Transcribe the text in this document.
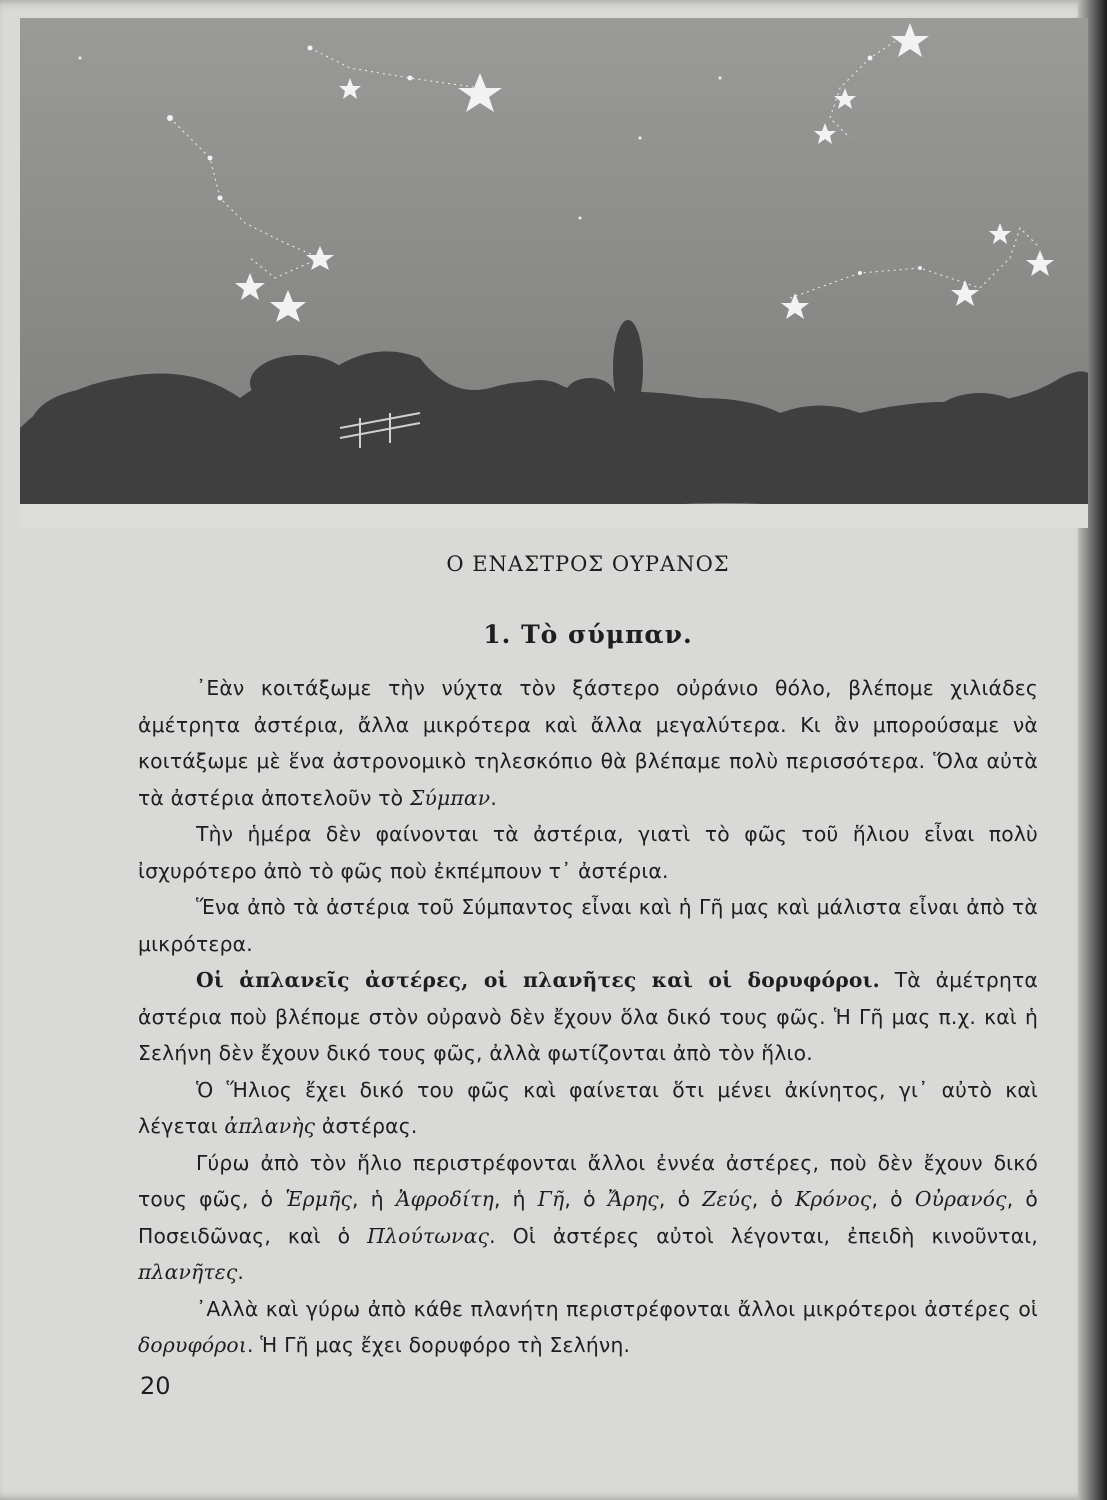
Ο ΕΝΑΣΤΡΟΣ ΟΥΡΑΝΟΣ
1. Τὸ σύμπαν.

᾿Εὰν κοιτάξωμε τὴν νύχτα τὸν ξάστερο οὐράνιο θόλο, βλέπομε χιλιάδες ἀμέτρητα ἀστέρια, ἄλλα μικρότερα καὶ ἄλλα μεγαλύτερα. Κι ἂν μπορούσαμε νὰ κοιτάξωμε μὲ ἕνα ἀστρονομικὸ τηλεσκόπιο θὰ βλέπαμε πολὺ περισσότερα. Ὅλα αὐτὰ τὰ ἀστέρια ἀποτελοῦν τὸ Σύμπαν.

Τὴν ἡμέρα δὲν φαίνονται τὰ ἀστέρια, γιατὶ τὸ φῶς τοῦ ἥλιου εἶναι πολὺ ἰσχυρότερο ἀπὸ τὸ φῶς ποὺ ἐκπέμπουν τ᾿ ἀστέρια.

Ἕνα ἀπὸ τὰ ἀστέρια τοῦ Σύμπαντος εἶναι καὶ ἡ Γῆ μας καὶ μάλιστα εἶναι ἀπὸ τὰ μικρότερα.

Οἱ ἀπλανεῖς ἀστέρες, οἱ πλανῆτες καὶ οἱ δορυφόροι. Τὰ ἀμέτρητα ἀστέρια ποὺ βλέπομε στὸν οὐρανὸ δὲν ἔχουν ὅλα δικό τους φῶς. Ἡ Γῆ μας π.χ. καὶ ἡ Σελήνη δὲν ἔχουν δικό τους φῶς, ἀλλὰ φωτίζονται ἀπὸ τὸν ἥλιο.

Ὁ Ἥλιος ἔχει δικό του φῶς καὶ φαίνεται ὅτι μένει ἀκίνητος, γι᾿ αὐτὸ καὶ λέγεται ἀπλανὴς ἀστέρας.

Γύρω ἀπὸ τὸν ἥλιο περιστρέφονται ἄλλοι ἐννέα ἀστέρες, ποὺ δὲν ἔχουν δικό τους φῶς, ὁ Ἑρμῆς, ἡ Ἀφροδίτη, ἡ Γῆ, ὁ Ἄρης, ὁ Ζεύς, ὁ Κρόνος, ὁ Οὐρανός, ὁ Ποσειδῶνας, καὶ ὁ Πλούτωνας. Οἱ ἀστέρες αὐτοὶ λέγονται, ἐπειδὴ κινοῦνται, πλανῆτες.

᾿Αλλὰ καὶ γύρω ἀπὸ κάθε πλανήτη περιστρέφονται ἄλλοι μικρότεροι ἀστέρες οἱ δορυφόροι. Ἡ Γῆ μας ἔχει δορυφόρο τὴ Σελήνη.

20
